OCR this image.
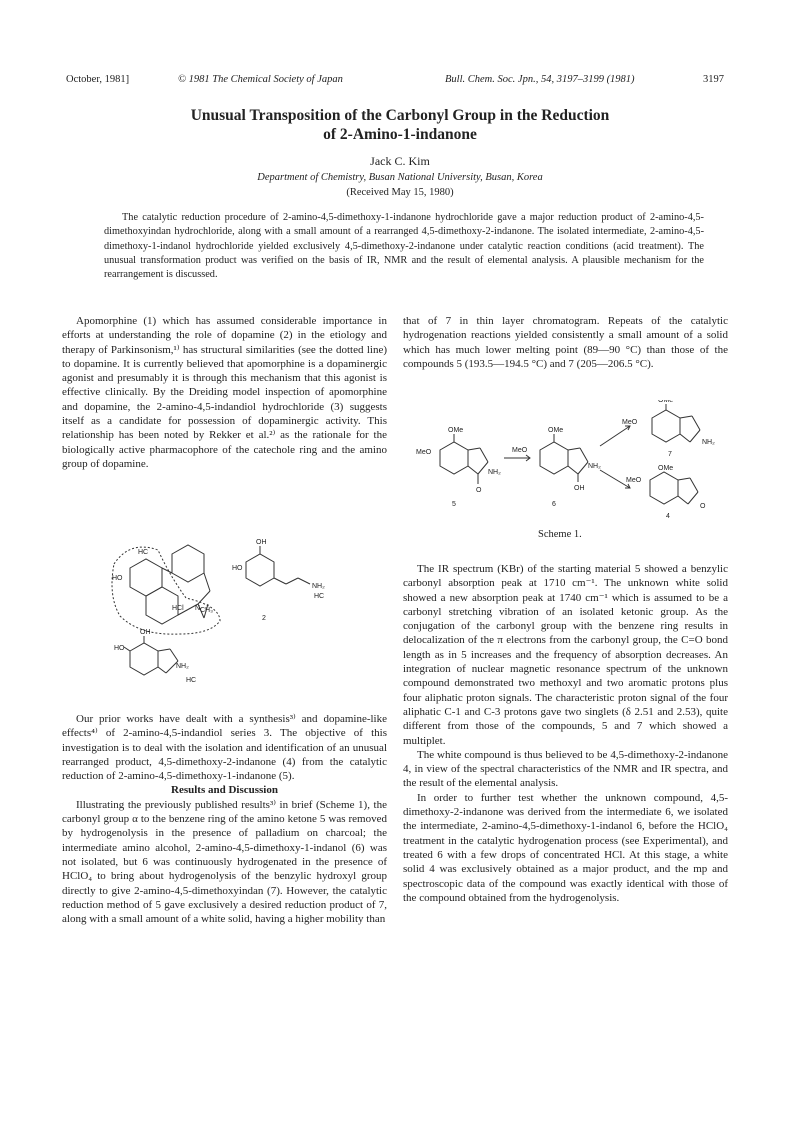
October, 1981]	© 1981 The Chemical Society of Japan	Bull. Chem. Soc. Jpn., 54, 3197–3199 (1981)	3197
Unusual Transposition of the Carbonyl Group in the Reduction
of 2-Amino-1-indanone
Jack C. Kim
Department of Chemistry, Busan National University, Busan, Korea
(Received May 15, 1980)
The catalytic reduction procedure of 2-amino-4,5-dimethoxy-1-indanone hydrochloride gave a major reduction product of 2-amino-4,5-dimethoxyindan hydrochloride, along with a small amount of a rearranged 4,5-dimethoxy-2-indanone. The isolated intermediate, 2-amino-4,5-dimethoxy-1-indanol hydrochloride yielded exclusively 4,5-dimethoxy-2-indanone under catalytic reaction conditions (acid treatment). The unusual transformation product was verified on the basis of IR, NMR and the result of elemental analysis. A plausible mechanism for the rearrangement is discussed.

Apomorphine (1) which has assumed considerable importance in efforts at understanding the role of dopamine (2) in the etiology and therapy of Parkinsonism,¹⁾ has structural similarities (see the dotted line) to dopamine. It is currently believed that apomorphine is a dopaminergic agonist and presumably it is through this mechanism that this agonist is effective clinically. By the Dreiding model inspection of apomorphine and dopamine, the 2-amino-4,5-indandiol hydrochloride (3) suggests itself as a candidate for possession of dopaminergic activity. This relationship has been noted by Rekker et al.²⁾ as the rationale for the biologically active pharmacophore of the catechole ring and the amino group of dopamine.

HC
HO
N
HCl CH₃
OH
HO
NH₂
HC
2
OH
HO
NH₂
HC

Our prior works have dealt with a synthesis³⁾ and dopamine-like effects⁴⁾ of 2-amino-4,5-indandiol series 3. The objective of this investigation is to deal with the isolation and identification of an unusual rearranged product, 4,5-dimethoxy-2-indanone (4) from the catalytic reduction of 2-amino-4,5-dimethoxy-1-indanone (5).

Results and Discussion

Illustrating the previously published results³⁾ in brief (Scheme 1), the carbonyl group α to the benzene ring of the amino ketone 5 was removed by hydrogenolysis in the presence of palladium on charcoal; the intermediate amino alcohol, 2-amino-4,5-dimethoxy-1-indanol (6) was not isolated, but 6 was continuously hydrogenated in the presence of HClO₄ to bring about hydrogenolysis of the benzylic hydroxyl group directly to give 2-amino-4,5-dimethoxyindan (7). However, the catalytic reduction method of 5 gave exclusively a desired reduction product of 7, along with a small amount of a white solid, having a higher mobility than

that of 7 in thin layer chromatogram. Repeats of the catalytic hydrogenation reactions yielded consistently a small amount of a solid which has much lower melting point (89—90 °C) than those of the compounds 5 (193.5—194.5 °C) and 7 (205—206.5 °C).

OMe
MeO
NH₂
O
5
MeO
OMe
NH₂
OH
6
OMe
MeO
NH₂
7
OMe
MeO
O
4
Scheme 1.

The IR spectrum (KBr) of the starting material 5 showed a benzylic carbonyl absorption peak at 1710 cm⁻¹. The unknown white solid showed a new absorption peak at 1740 cm⁻¹ which is assumed to be a carbonyl stretching vibration of an isolated ketonic group. As the conjugation of the carbonyl group with the benzene ring results in delocalization of the π electrons from the carbonyl group, the C=O bond length as in 5 increases and the frequency of absorption decreases. An integration of nuclear magnetic resonance spectrum of the unknown compound demonstrated two methoxyl and two aromatic protons plus four aliphatic proton signals. The characteristic proton signal of the four aliphatic C-1 and C-3 protons gave two singlets (δ 2.51 and 2.53), quite different from those of the compounds, 5 and 7 which showed a multiplet.

The white compound is thus believed to be 4,5-dimethoxy-2-indanone 4, in view of the spectral characteristics of the NMR and IR spectra, and the result of the elemental analysis.

In order to further test whether the unknown compound, 4,5-dimethoxy-2-indanone was derived from the intermediate 6, we isolated the intermediate, 2-amino-4,5-dimethoxy-1-indanol 6, before the HClO₄ treatment in the catalytic hydrogenation process (see Experimental), and treated 6 with a few drops of concentrated HCl. At this stage, a white solid 4 was exclusively obtained as a major product, and the mp and spectroscopic data of the compound was exactly identical with those of the compound obtained from the hydrogenolysis.
